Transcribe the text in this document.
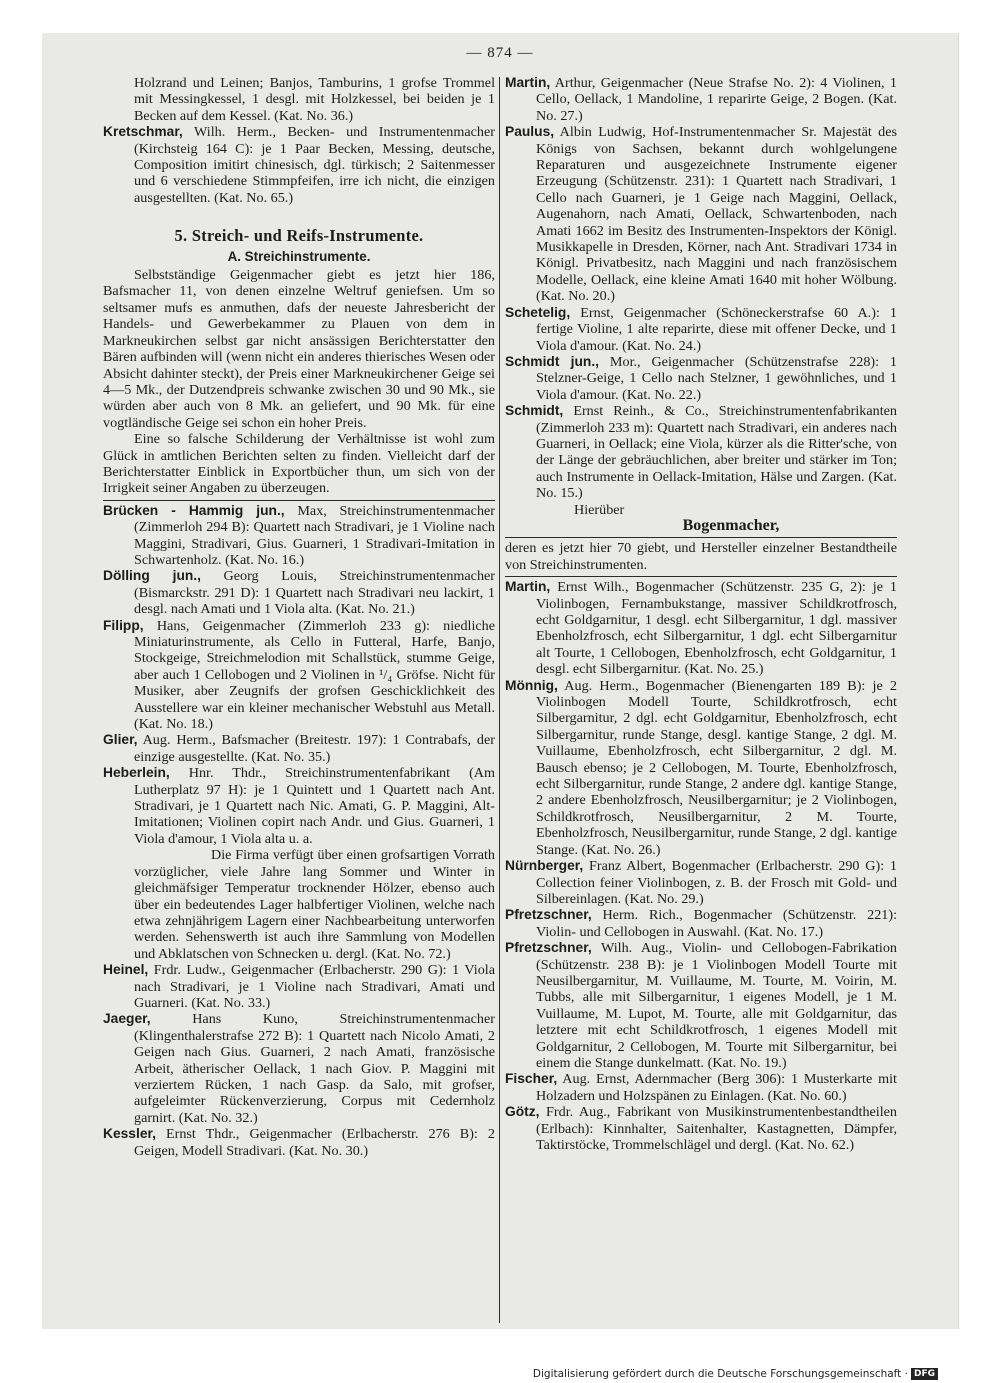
— 874 —

Holzrand und Leinen; Banjos, Tamburins, 1 grofse Trommel mit Messingkessel, 1 desgl. mit Holzkessel, bei beiden je 1 Becken auf dem Kessel. (Kat. No. 36.)

Kretschmar, Wilh. Herm., Becken- und Instrumentenmacher (Kirchsteig 164 C): je 1 Paar Becken, Messing, deutsche, Composition imitirt chinesisch, dgl. türkisch; 2 Saitenmesser und 6 verschiedene Stimmpfeifen, irre ich nicht, die einzigen ausgestellten. (Kat. No. 65.)

5. Streich- und Reifs-Instrumente.
A. Streichinstrumente.

Selbstständige Geigenmacher giebt es jetzt hier 186, Bafsmacher 11, von denen einzelne Weltruf geniefsen. Um so seltsamer mufs es anmuthen, dafs der neueste Jahresbericht der Handels- und Gewerbekammer zu Plauen von dem in Markneukirchen selbst gar nicht ansässigen Berichterstatter den Bären aufbinden will (wenn nicht ein anderes thierisches Wesen oder Absicht dahinter steckt), der Preis einer Markneukirchener Geige sei 4—5 Mk., der Dutzendpreis schwanke zwischen 30 und 90 Mk., sie würden aber auch von 8 Mk. an geliefert, und 90 Mk. für eine vogtländische Geige sei schon ein hoher Preis.

Eine so falsche Schilderung der Verhältnisse ist wohl zum Glück in amtlichen Berichten selten zu finden. Vielleicht darf der Berichterstatter Einblick in Exportbücher thun, um sich von der Irrigkeit seiner Angaben zu überzeugen.

Brücken - Hammig jun., Max, Streichinstrumentenmacher (Zimmerloh 294 B): Quartett nach Stradivari, je 1 Violine nach Maggini, Stradivari, Gius. Guarneri, 1 Stradivari-Imitation in Schwartenholz. (Kat. No. 16.)

Dölling jun., Georg Louis, Streichinstrumentenmacher (Bismarckstr. 291 D): 1 Quartett nach Stradivari neu lackirt, 1 desgl. nach Amati und 1 Viola alta. (Kat. No. 21.)

Filipp, Hans, Geigenmacher (Zimmerloh 233 g): niedliche Miniaturinstrumente, als Cello in Futteral, Harfe, Banjo, Stockgeige, Streichmelodion mit Schallstück, stumme Geige, aber auch 1 Cellobogen und 2 Violinen in ¹/₄ Gröfse. Nicht für Musiker, aber Zeugnifs der grofsen Geschicklichkeit des Ausstellere war ein kleiner mechanischer Webstuhl aus Metall. (Kat. No. 18.)

Glier, Aug. Herm., Bafsmacher (Breitestr. 197): 1 Contrabafs, der einzige ausgestellte. (Kat. No. 35.)

Heberlein, Hnr. Thdr., Streichinstrumentenfabrikant (Am Lutherplatz 97 H): je 1 Quintett und 1 Quartett nach Ant. Stradivari, je 1 Quartett nach Nic. Amati, G. P. Maggini, Alt-Imitationen; Violinen copirt nach Andr. und Gius. Guarneri, 1 Viola d'amour, 1 Viola alta u. a.

Die Firma verfügt über einen grofsartigen Vorrath vorzüglicher, viele Jahre lang Sommer und Winter in gleichmäfsiger Temperatur trocknender Hölzer, ebenso auch über ein bedeutendes Lager halbfertiger Violinen, welche nach etwa zehnjährigem Lagern einer Nachbearbeitung unterworfen werden. Sehenswerth ist auch ihre Sammlung von Modellen und Abklatschen von Schnecken u. dergl. (Kat. No. 72.)

Heinel, Frdr. Ludw., Geigenmacher (Erlbacherstr. 290 G): 1 Viola nach Stradivari, je 1 Violine nach Stradivari, Amati und Guarneri. (Kat. No. 33.)

Jaeger,	Hans Kuno, Streichinstrumentenmacher (Klingenthalerstrafse 272 B): 1 Quartett nach Nicolo Amati, 2 Geigen nach Gius. Guarneri, 2 nach Amati, französische Arbeit, ätherischer Oellack, 1 nach Giov. P. Maggini mit verziertem Rücken, 1 nach Gasp. da Salo, mit grofser, aufgeleimter Rückenverzierung, Corpus mit Cedernholz garnirt. (Kat. No. 32.)

Kessler, Ernst Thdr., Geigenmacher (Erlbacherstr. 276 B): 2 Geigen, Modell Stradivari. (Kat. No. 30.)

Martin, Arthur, Geigenmacher (Neue Strafse No. 2): 4 Violinen, 1 Cello, Oellack, 1 Mandoline, 1 reparirte Geige, 2 Bogen. (Kat. No. 27.)

Paulus, Albin Ludwig, Hof-Instrumentenmacher Sr. Majestät des Königs von Sachsen, bekannt durch wohlgelungene Reparaturen und ausgezeichnete Instrumente eigener Erzeugung (Schützenstr. 231): 1 Quartett nach Stradivari, 1 Cello nach Guarneri, je 1 Geige nach Maggini, Oellack, Augenahorn, nach Amati, Oellack, Schwartenboden, nach Amati 1662 im Besitz des Instrumenten-Inspektors der Königl. Musikkapelle in Dresden, Körner, nach Ant. Stradivari 1734 in Königl. Privatbesitz, nach Maggini und nach französischem Modelle, Oellack, eine kleine Amati 1640 mit hoher Wölbung. (Kat. No. 20.)

Schetelig, Ernst, Geigenmacher (Schöneckerstrafse 60 A.): 1 fertige Violine, 1 alte reparirte, diese mit offener Decke, und 1 Viola d'amour. (Kat. No. 24.)

Schmidt jun., Mor., Geigenmacher (Schützenstrafse 228): 1 Stelzner-Geige, 1 Cello nach Stelzner, 1 gewöhnliches, und 1 Viola d'amour. (Kat. No. 22.)

Schmidt, Ernst Reinh., & Co., Streichinstrumentenfabrikanten (Zimmerloh 233 m): Quartett nach Stradivari, ein anderes nach Guarneri, in Oellack; eine Viola, kürzer als die Ritter'sche, von der Länge der gebräuchlichen, aber breiter und stärker im Ton; auch Instrumente in Oellack-Imitation, Hälse und Zargen. (Kat. No. 15.)

Hierüber

Bogenmacher,

deren es jetzt hier 70 giebt, und Hersteller einzelner Bestandtheile von Streichinstrumenten.

Martin, Ernst Wilh., Bogenmacher (Schützenstr. 235 G, 2): je 1 Violinbogen, Fernambukstange, massiver Schildkrotfrosch, echt Goldgarnitur, 1 desgl. echt Silbergarnitur, 1 dgl. massiver Ebenholzfrosch, echt Silbergarnitur, 1 dgl. echt Silbergarnitur alt Tourte, 1 Cellobogen, Ebenholzfrosch, echt Goldgarnitur, 1 desgl. echt Silbergarnitur. (Kat. No. 25.)

Mönnig, Aug. Herm., Bogenmacher (Bienengarten 189 B): je 2 Violinbogen Modell Tourte, Schildkrotfrosch, echt Silbergarnitur, 2 dgl. echt Goldgarnitur, Ebenholzfrosch, echt Silbergarnitur, runde Stange, desgl. kantige Stange, 2 dgl. M. Vuillaume, Ebenholzfrosch, echt Silbergarnitur, 2 dgl. M. Bausch ebenso; je 2 Cellobogen, M. Tourte, Ebenholzfrosch, echt Silbergarnitur, runde Stange, 2 andere dgl. kantige Stange, 2 andere Ebenholzfrosch, Neusilbergarnitur; je 2 Violinbogen, Schildkrotfrosch, Neusilbergarnitur, 2 M. Tourte, Ebenholzfrosch, Neusilbergarnitur, runde Stange, 2 dgl. kantige Stange. (Kat. No. 26.)

Nürnberger, Franz Albert, Bogenmacher (Erlbacherstr. 290 G): 1 Collection feiner Violinbogen, z. B. der Frosch mit Gold- und Silbereinlagen. (Kat. No. 29.)

Pfretzschner, Herm. Rich., Bogenmacher (Schützenstr. 221): Violin- und Cellobogen in Auswahl. (Kat. No. 17.)

Pfretzschner, Wilh. Aug., Violin- und Cellobogen-Fabrikation (Schützenstr. 238 B): je 1 Violinbogen Modell Tourte mit Neusilbergarnitur, M. Vuillaume, M. Tourte, M. Voirin, M. Tubbs, alle mit Silbergarnitur, 1 eigenes Modell, je 1 M. Vuillaume, M. Lupot, M. Tourte, alle mit Goldgarnitur, das letztere mit echt Schildkrotfrosch, 1 eigenes Modell mit Goldgarnitur, 2 Cellobogen, M. Tourte mit Silbergarnitur, bei einem die Stange dunkelmatt. (Kat. No. 19.)

Fischer, Aug. Ernst, Adernmacher (Berg 306): 1 Musterkarte mit Holzadern und Holzspänen zu Einlagen. (Kat. No. 60.)

Götz, Frdr. Aug., Fabrikant von Musikinstrumentenbestandtheilen (Erlbach): Kinnhalter, Saitenhalter, Kastagnetten, Dämpfer, Taktirstöcke, Trommelschlägel und dergl. (Kat. No. 62.)

Digitalisierung gefördert durch die Deutsche Forschungsgemeinschaft · DFG
